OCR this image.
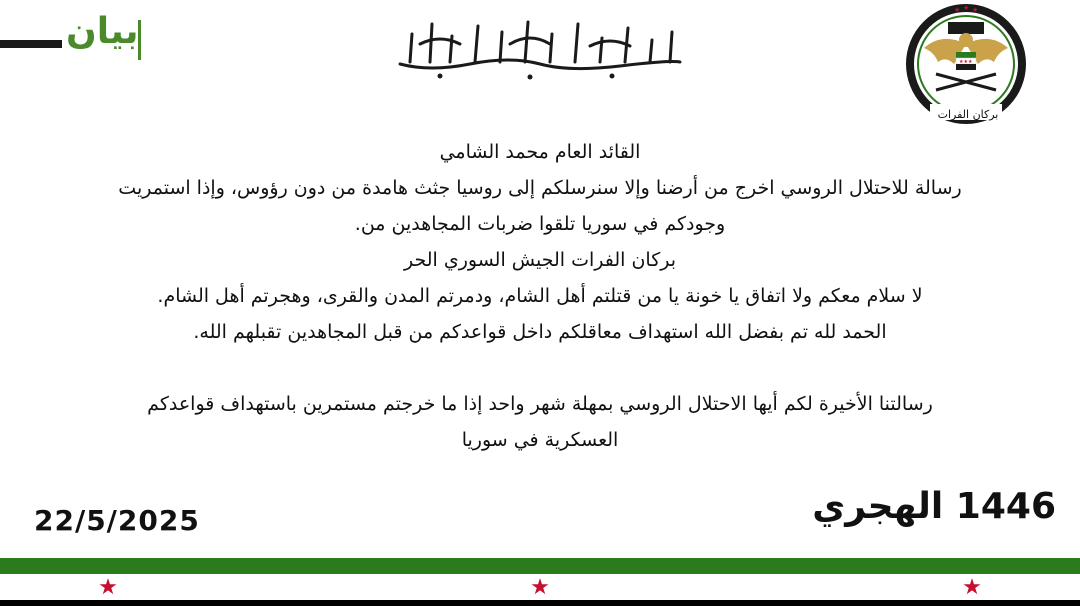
بيان
★ ★ ★
★★★
بركان الفرات
القائد العام محمد الشامي
رسالة للاحتلال الروسي اخرج من أرضنا وإلا سنرسلكم إلى روسيا جثث هامدة من دون رؤوس، وإذا استمريت
وجودكم في سوريا تلقوا ضربات المجاهدين من.
بركان الفرات الجيش السوري الحر
لا سلام معكم ولا اتفاق يا خونة يا من قتلتم أهل الشام، ودمرتم المدن والقرى، وهجرتم أهل الشام.
الحمد لله تم بفضل الله استهداف معاقلكم داخل قواعدكم من قبل المجاهدين تقبلهم الله.
رسالتنا الأخيرة لكم أيها الاحتلال الروسي بمهلة شهر واحد إذا ما خرجتم مستمرين باستهداف قواعدكم
العسكرية في سوريا
22/5/2025	1446 الهجري
★	★	★
